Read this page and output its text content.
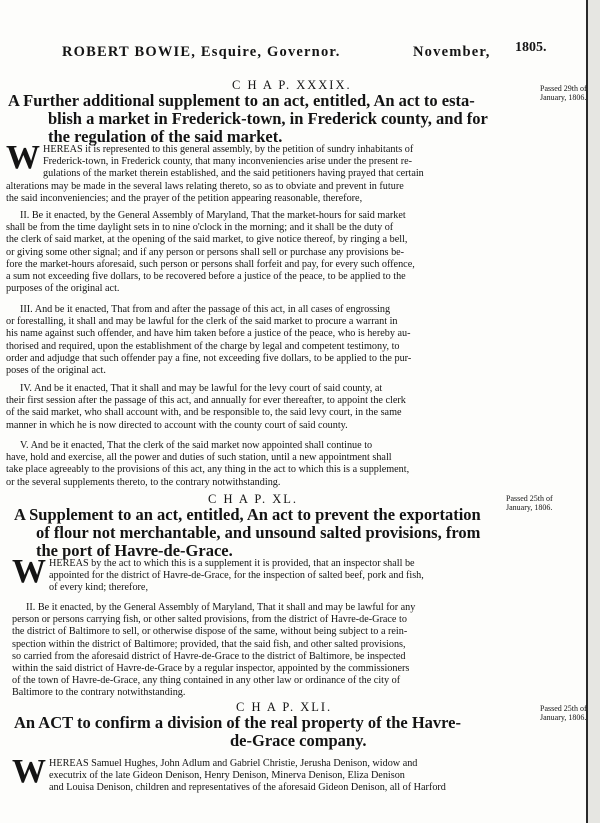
ROBERT BOWIE, Esquire, Governor.	November, 1805.
C H A P. XXXIX.	Passed 29th of
January, 1806.
A Further additional supplement to an act, entitled, An act to esta-
blish a market in Frederick-town, in Frederick county, and for
the regulation of the said market.
W HEREAS it is represented to this general assembly, by the petition of sundry inhabitants of
Frederick-town, in Frederick county, that many inconveniencies arise under the present re-
gulations of the market therein established, and the said petitioners having prayed that certain
alterations may be made in the several laws relating thereto, so as to obviate and prevent in future
the said inconveniencies; and the prayer of the petition appearing reasonable, therefore,
II. Be it enacted, by the General Assembly of Maryland, That the market-hours for said market
shall be from the time daylight sets in to nine o'clock in the morning; and it shall be the duty of
the clerk of said market, at the opening of the said market, to give notice thereof, by ringing a bell,
or giving some other signal; and if any person or persons shall sell or purchase any provisions be-
fore the market-hours aforesaid, such person or persons shall forfeit and pay, for every such offence,
a sum not exceeding five dollars, to be recovered before a justice of the peace, to be applied to the
purposes of the original act.
III. And be it enacted, That from and after the passage of this act, in all cases of engrossing
or forestalling, it shall and may be lawful for the clerk of the said market to procure a warrant in
his name against such offender, and have him taken before a justice of the peace, who is hereby au-
thorised and required, upon the establishment of the charge by legal and competent testimony, to
order and adjudge that such offender pay a fine, not exceeding five dollars, to be applied to the pur-
poses of the original act.
IV. And be it enacted, That it shall and may be lawful for the levy court of said county, at
their first session after the passage of this act, and annually for ever thereafter, to appoint the clerk
of the said market, who shall account with, and be responsible to, the said levy court, in the same
manner in which he is now directed to account with the county court of said county.
V. And be it enacted, That the clerk of the said market now appointed shall continue to
have, hold and exercise, all the power and duties of such station, until a new appointment shall
take place agreeably to the provisions of this act, any thing in the act to which this is a supplement,
or the several supplements thereto, to the contrary notwithstanding.
C H A P. XL.	Passed 25th of
January, 1806.
A Supplement to an act, entitled, An act to prevent the exportation
of flour not merchantable, and unsound salted provisions, from
the port of Havre-de-Grace.
W HEREAS by the act to which this is a supplement it is provided, that an inspector shall be
appointed for the district of Havre-de-Grace, for the inspection of salted beef, pork and fish,
of every kind; therefore,
II. Be it enacted, by the General Assembly of Maryland, That it shall and may be lawful for any
person or persons carrying fish, or other salted provisions, from the district of Havre-de-Grace to
the district of Baltimore to sell, or otherwise dispose of the same, without being subject to a rein-
spection within the district of Baltimore; provided, that the said fish, and other salted provisions,
so carried from the aforesaid district of Havre-de-Grace to the district of Baltimore, be inspected
within the said district of Havre-de-Grace by a regular inspector, appointed by the commissioners
of the town of Havre-de-Grace, any thing contained in any other law or ordinance of the city of
Baltimore to the contrary notwithstanding.
C H A P. XLI.	Passed 25th of
January, 1806.
An ACT to confirm a division of the real property of the Havre-
de-Grace company.
W HEREAS Samuel Hughes, John Adlum and Gabriel Christie, Jerusha Denison, widow and
executrix of the late Gideon Denison, Henry Denison, Minerva Denison, Eliza Denison
and Louisa Denison, children and representatives of the aforesaid Gideon Denison, all of Harford
